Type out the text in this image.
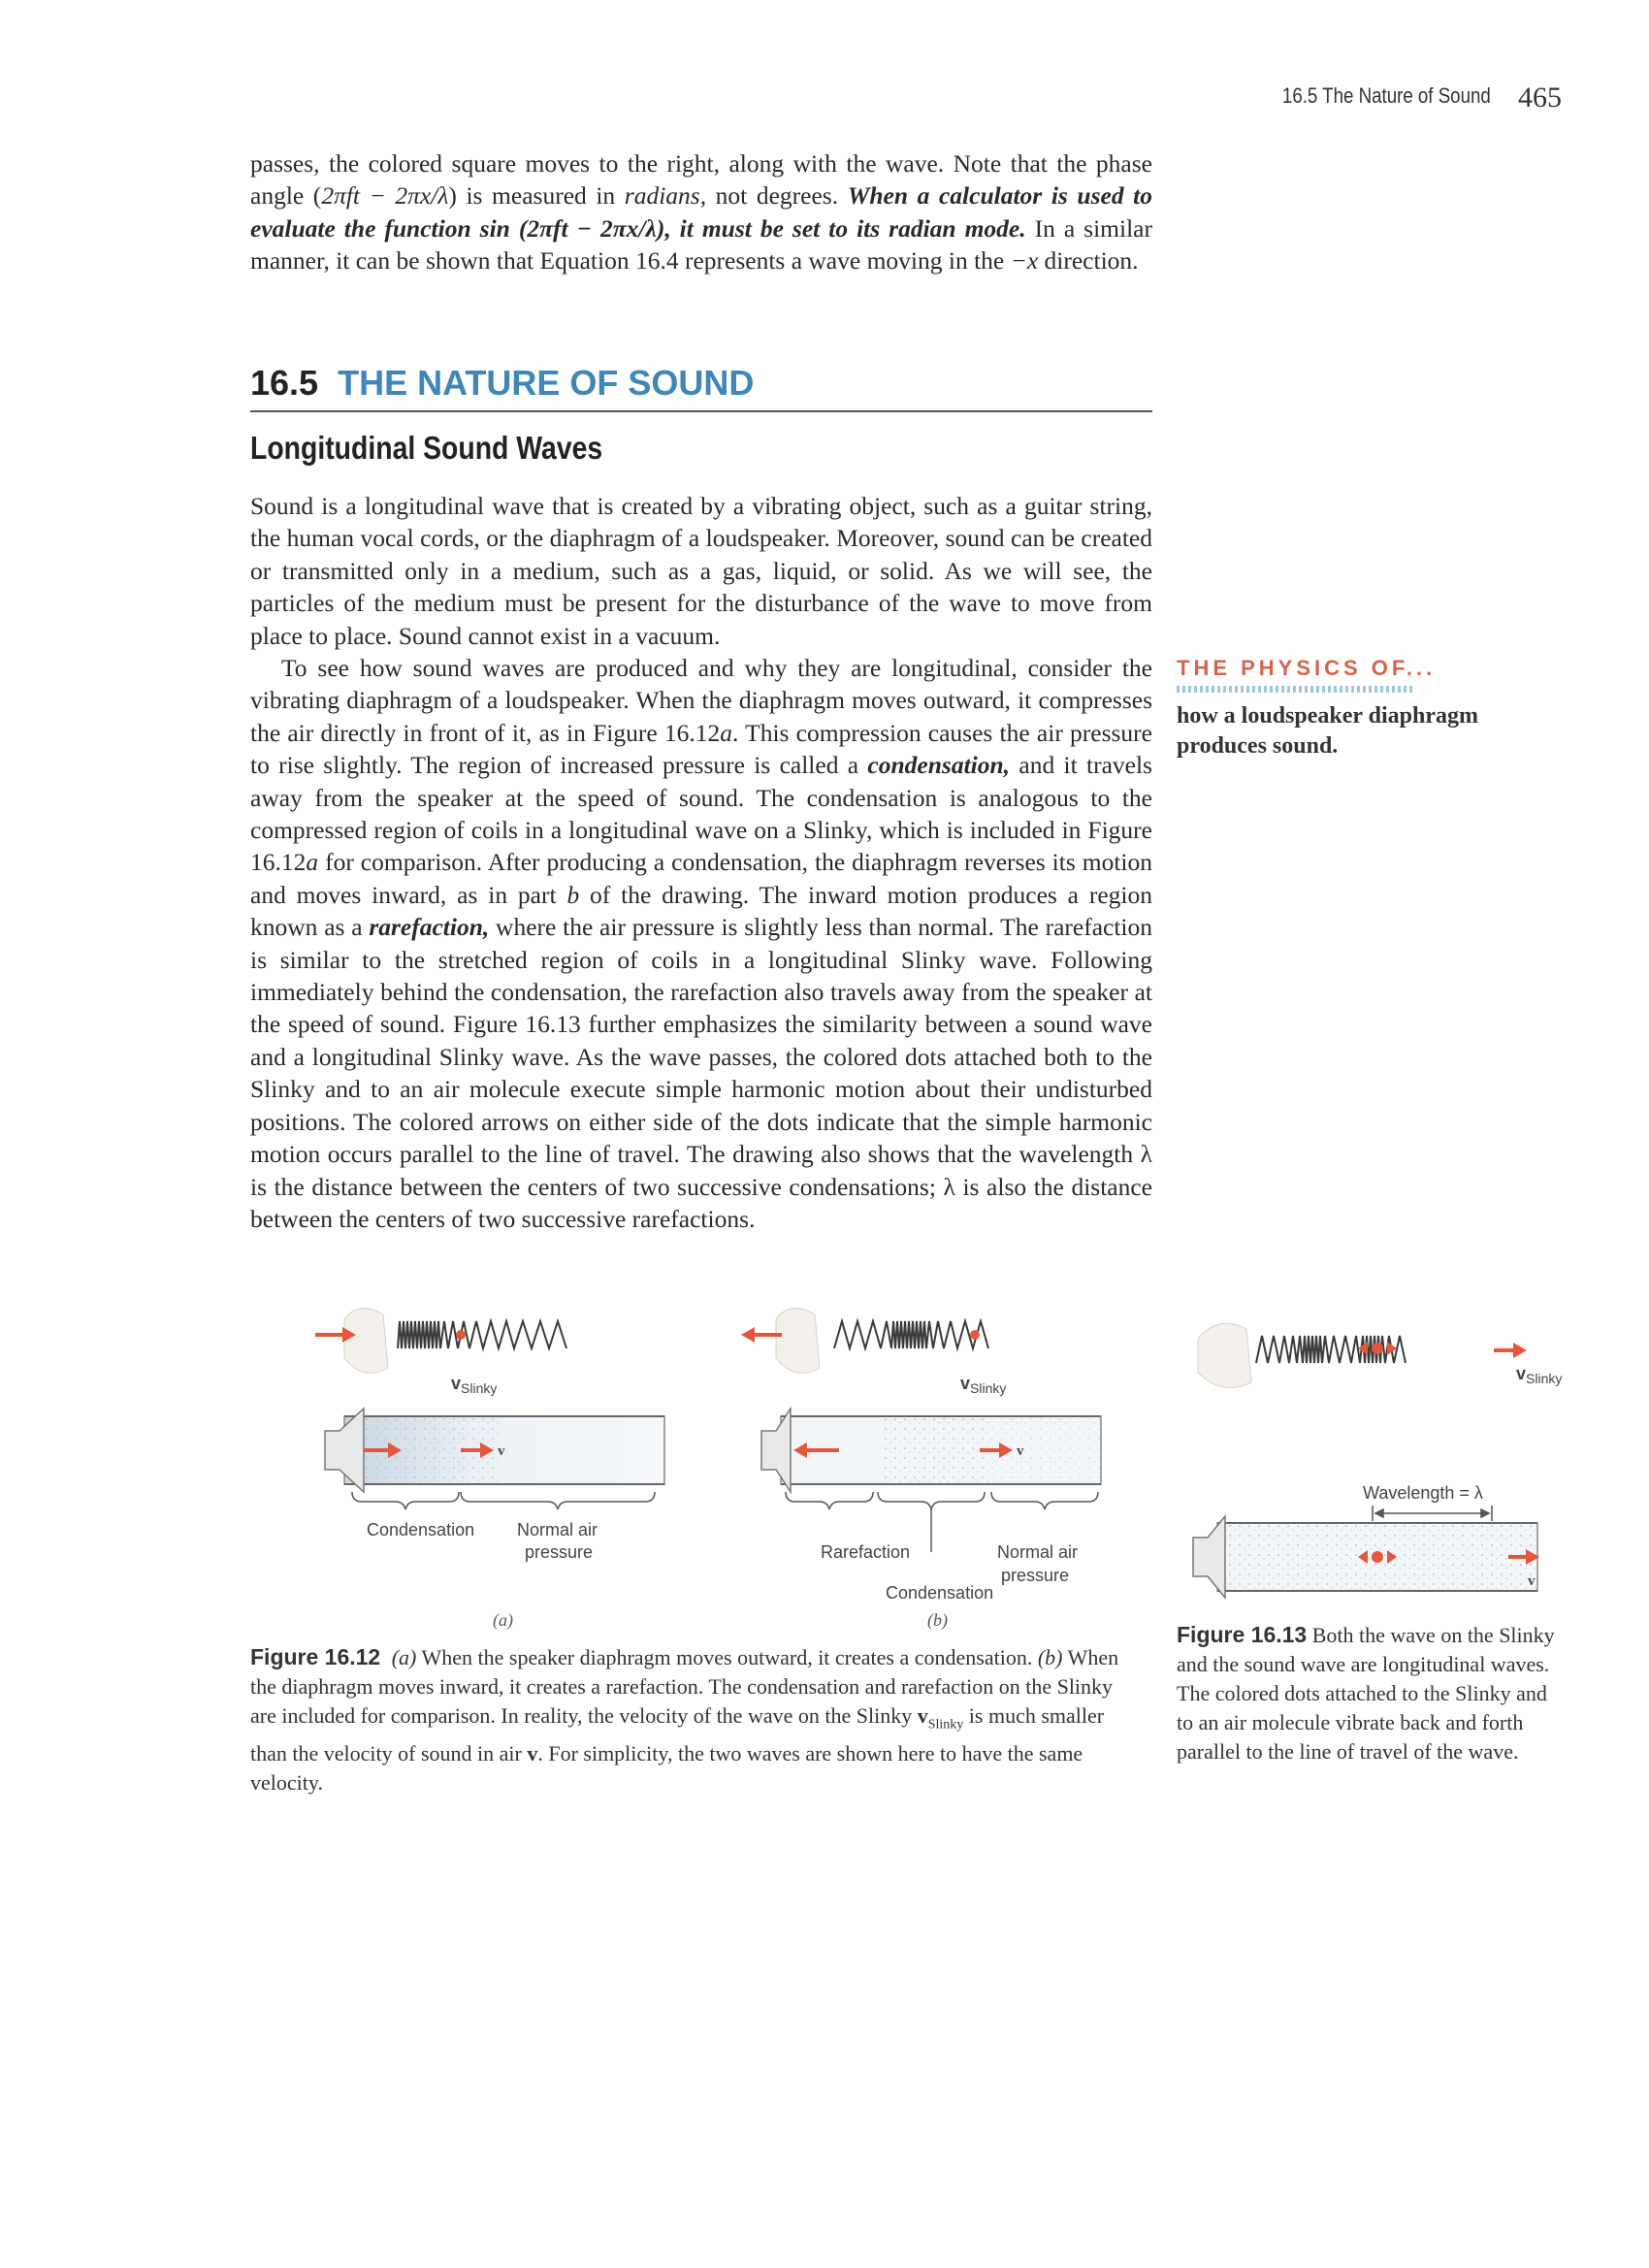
16.5 The Nature of Sound 465

passes, the colored square moves to the right, along with the wave. Note that the phase angle (2πft − 2πx/λ) is measured in radians, not degrees. When a calculator is used to evaluate the function sin (2πft − 2πx/λ), it must be set to its radian mode. In a similar manner, it can be shown that Equation 16.4 represents a wave moving in the −x direction.

16.5 THE NATURE OF SOUND
Longitudinal Sound Waves

Sound is a longitudinal wave that is created by a vibrating object, such as a guitar string, the human vocal cords, or the diaphragm of a loudspeaker. Moreover, sound can be created or transmitted only in a medium, such as a gas, liquid, or solid. As we will see, the particles of the medium must be present for the disturbance of the wave to move from place to place. Sound cannot exist in a vacuum.

To see how sound waves are produced and why they are longitudinal, consider the vibrating diaphragm of a loudspeaker. When the diaphragm moves outward, it compresses the air directly in front of it, as in Figure 16.12a. This compression causes the air pressure to rise slightly. The region of increased pressure is called a condensation, and it travels away from the speaker at the speed of sound. The condensation is analogous to the compressed region of coils in a longitudinal wave on a Slinky, which is included in Figure 16.12a for comparison. After producing a condensation, the diaphragm reverses its motion and moves inward, as in part b of the drawing. The inward motion produces a region known as a rarefaction, where the air pressure is slightly less than normal. The rarefaction is similar to the stretched region of coils in a longitudinal Slinky wave. Following immediately behind the condensation, the rarefaction also travels away from the speaker at the speed of sound. Figure 16.13 further emphasizes the similarity between a sound wave and a longitudinal Slinky wave. As the wave passes, the colored dots attached both to the Slinky and to an air molecule execute simple harmonic motion about their undisturbed positions. The colored arrows on either side of the dots indicate that the simple harmonic motion occurs parallel to the line of travel. The drawing also shows that the wavelength λ is the distance between the centers of two successive condensations; λ is also the distance between the centers of two successive rarefactions.

THE PHYSICS OF...
how a loudspeaker diaphragm produces sound.
$v_{Slinky}$
v
Condensation Normal air
pressure
(a)
$v_{Slinky}$
v
Rarefaction
Condensation
Normal air
pressure
(b)

Figure 16.12 (a) When the speaker diaphragm moves outward, it creates a condensation. (b) When the diaphragm moves inward, it creates a rarefaction. The condensation and rarefaction on the Slinky are included for comparison. In reality, the velocity of the wave on the Slinky $v_{Slinky}$ is much smaller than the velocity of sound in air v. For simplicity, the two waves are shown here to have the same velocity.

$v_{Slinky}$
Wavelength = λ
v

Figure 16.13 Both the wave on the Slinky and the sound wave are longitudinal waves. The colored dots attached to the Slinky and to an air molecule vibrate back and forth parallel to the line of travel of the wave.
